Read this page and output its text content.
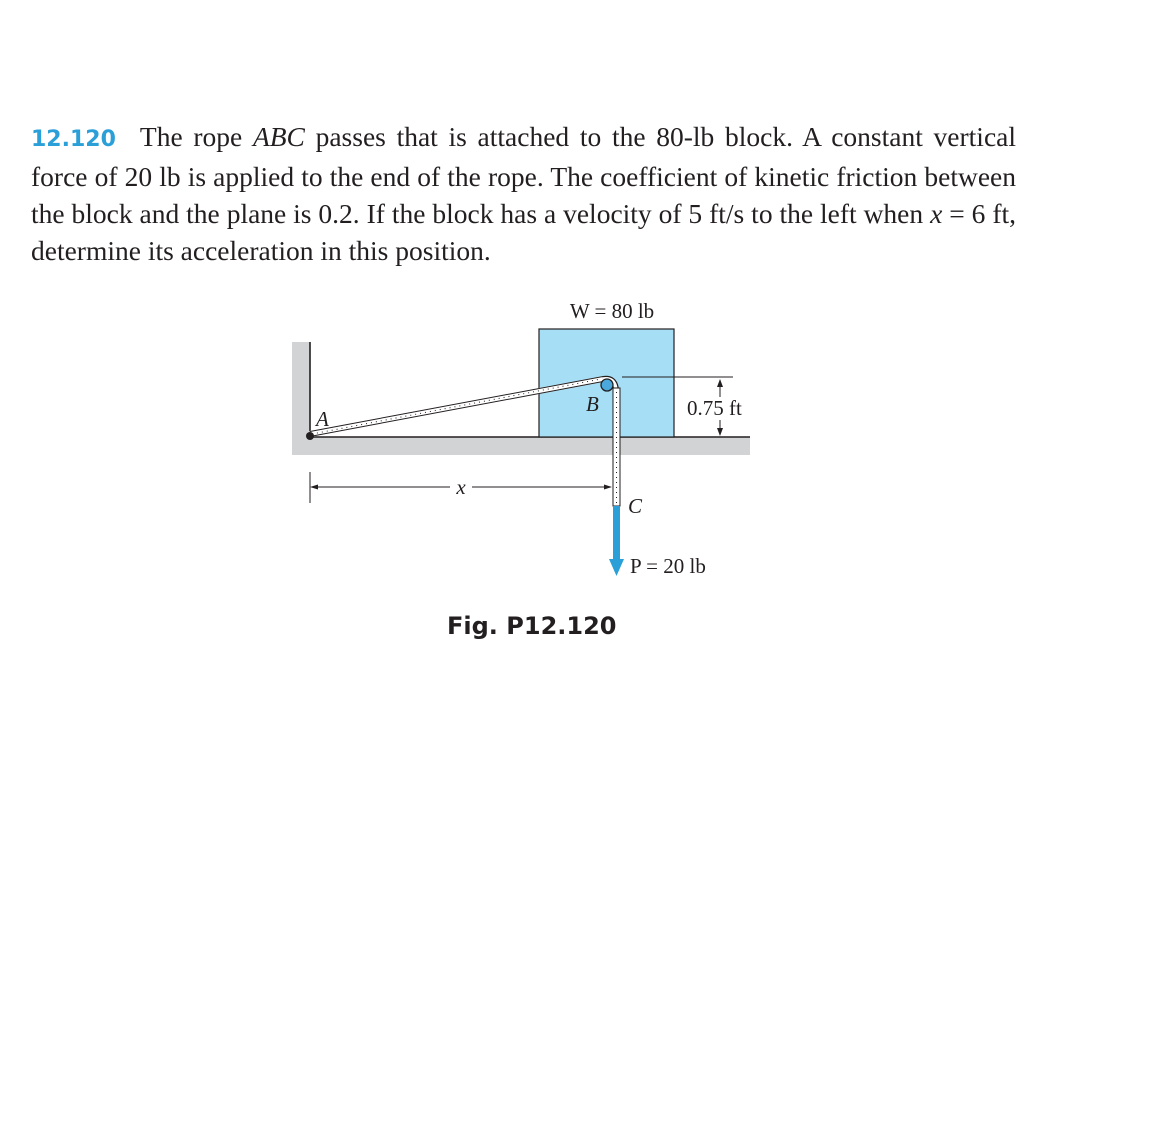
12.120 The rope ABC passes that is attached to the 80-lb block. A constant vertical force of 20 lb is applied to the end of the rope. The coefficient of kinetic friction between the block and the plane is 0.2. If the block has a velocity of 5 ft/s to the left when x = 6 ft, determine its acceleration in this position.
W = 80 lb
A
B
C
x
0.75 ft
P = 20 lb
Fig. P12.120
